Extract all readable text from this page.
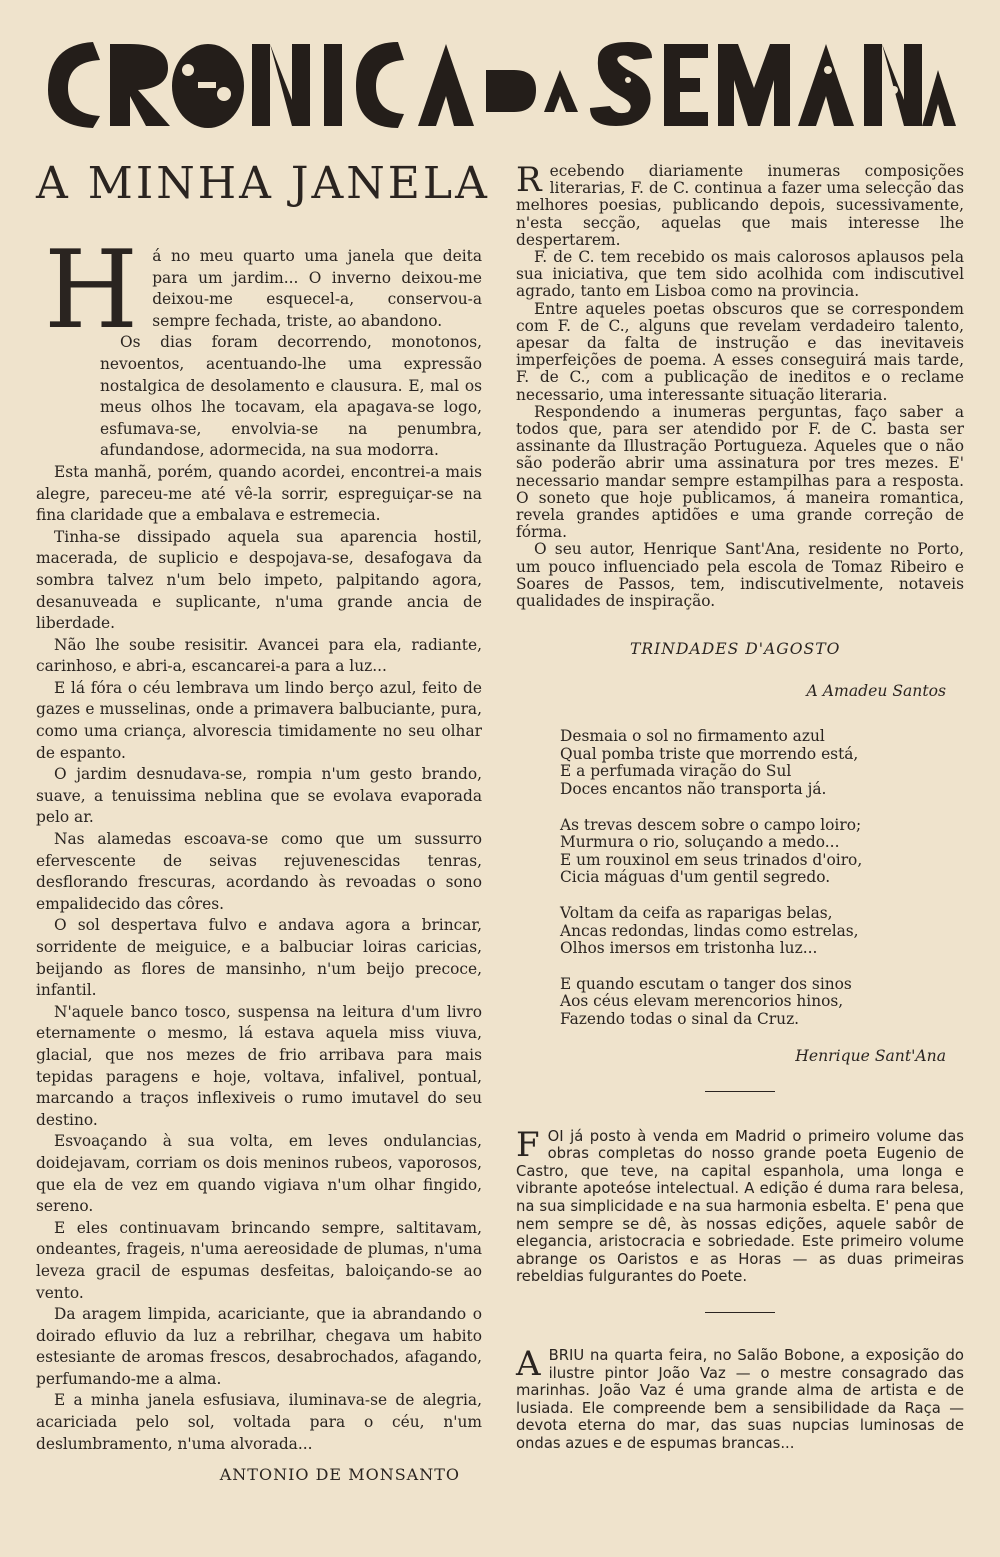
A MINHA JANELA

Há no meu quarto uma janela que deita para um jardim... O inverno deixou-me deixou-me esquecel-a, conservou-a sempre fechada, triste, ao abandono.

Os dias foram decorrendo, monotonos, nevoentos, acentuando-lhe uma expressão nostalgica de desolamento e clausura. E, mal os meus olhos lhe tocavam, ela apagava-se logo, esfumava-se, envolvia-se na penumbra, afundandose, adormecida, na sua modorra.

Esta manhã, porém, quando acordei, encontrei-a mais alegre, pareceu-me até vê-la sorrir, espreguiçar-se na fina claridade que a embalava e estremecia.

Tinha-se dissipado aquela sua aparencia hostil, macerada, de suplicio e despojava-se, desafogava da sombra talvez n'um belo impeto, palpitando agora, desanuveada e suplicante, n'uma grande ancia de liberdade.

Não lhe soube resisitir. Avancei para ela, radiante, carinhoso, e abri-a, escancarei-a para a luz...

E lá fóra o céu lembrava um lindo berço azul, feito de gazes e musselinas, onde a primavera balbuciante, pura, como uma criança, alvorescia timidamente no seu olhar de espanto.

O jardim desnudava-se, rompia n'um gesto brando, suave, a tenuissima neblina que se evolava evaporada pelo ar.

Nas alamedas escoava-se como que um sussurro efervescente de seivas rejuvenescidas tenras, desflorando frescuras, acordando às revoadas o sono empalidecido das côres.

O sol despertava fulvo e andava agora a brincar, sorridente de meiguice, e a balbuciar loiras caricias, beijando as flores de mansinho, n'um beijo precoce, infantil.

N'aquele banco tosco, suspensa na leitura d'um livro eternamente o mesmo, lá estava aquela miss viuva, glacial, que nos mezes de frio arribava para mais tepidas paragens e hoje, voltava, infalivel, pontual, marcando a traços inflexiveis o rumo imutavel do seu destino.

Esvoaçando à sua volta, em leves ondulancias, doidejavam, corriam os dois meninos rubeos, vaporosos, que ela de vez em quando vigiava n'um olhar fingido, sereno.

E eles continuavam brincando sempre, saltitavam, ondeantes, frageis, n'uma aereosidade de plumas, n'uma leveza gracil de espumas desfeitas, baloiçando-se ao vento.

Da aragem limpida, acariciante, que ia abrandando o doirado efluvio da luz a rebrilhar, chegava um habito estesiante de aromas frescos, desabrochados, afagando, perfumando-me a alma.

E a minha janela esfusiava, iluminava-se de alegria, acariciada pelo sol, voltada para o céu, n'um deslumbramento, n'uma alvorada...

ANTONIO DE MONSANTO

Recebendo diariamente inumeras composições literarias, F. de C. continua a fazer uma selecção das melhores poesias, publicando depois, sucessivamente, n'esta secção, aquelas que mais interesse lhe despertarem.

F. de C. tem recebido os mais calorosos aplausos pela sua iniciativa, que tem sido acolhida com indiscutivel agrado, tanto em Lisboa como na provincia.

Entre aqueles poetas obscuros que se correspondem com F. de C., alguns que revelam verdadeiro talento, apesar da falta de instrução e das inevitaveis imperfeições de poema. A esses conseguirá mais tarde, F. de C., com a publicação de ineditos e o reclame necessario, uma interessante situação literaria.

Respondendo a inumeras perguntas, faço saber a todos que, para ser atendido por F. de C. basta ser assinante da Illustração Portugueza. Aqueles que o não são poderão abrir uma assinatura por tres mezes. E' necessario mandar sempre estampilhas para a resposta. O soneto que hoje publicamos, á maneira romantica, revela grandes aptidões e uma grande correção de fórma.

O seu autor, Henrique Sant'Ana, residente no Porto, um pouco influenciado pela escola de Tomaz Ribeiro e Soares de Passos, tem, indiscutivelmente, notaveis qualidades de inspiração.

TRINDADES D'AGOSTO
A Amadeu Santos
Desmaia o sol no firmamento azul
Qual pomba triste que morrendo está,
E a perfumada viração do Sul
Doces encantos não transporta já.
As trevas descem sobre o campo loiro;
Murmura o rio, soluçando a medo...
E um rouxinol em seus trinados d'oiro,
Cicia máguas d'um gentil segredo.
Voltam da ceifa as raparigas belas,
Ancas redondas, lindas como estrelas,
Olhos imersos em tristonha luz...
E quando escutam o tanger dos sinos
Aos céus elevam merencorios hinos,
Fazendo todas o sinal da Cruz.
Henrique Sant'Ana

FOI já posto à venda em Madrid o primeiro volume das obras completas do nosso grande poeta Eugenio de Castro, que teve, na capital espanhola, uma longa e vibrante apoteóse intelectual. A edição é duma rara belesa, na sua simplicidade e na sua harmonia esbelta. E' pena que nem sempre se dê, às nossas edições, aquele sabôr de elegancia, aristocracia e sobriedade. Este primeiro volume abrange os Oaristos e as Horas — as duas primeiras rebeldias fulgurantes do Poete.

ABRIU na quarta feira, no Salão Bobone, a exposição do ilustre pintor João Vaz — o mestre consagrado das marinhas. João Vaz é uma grande alma de artista e de lusiada. Ele compreende bem a sensibilidade da Raça — devota eterna do mar, das suas nupcias luminosas de ondas azues e de espumas brancas...
